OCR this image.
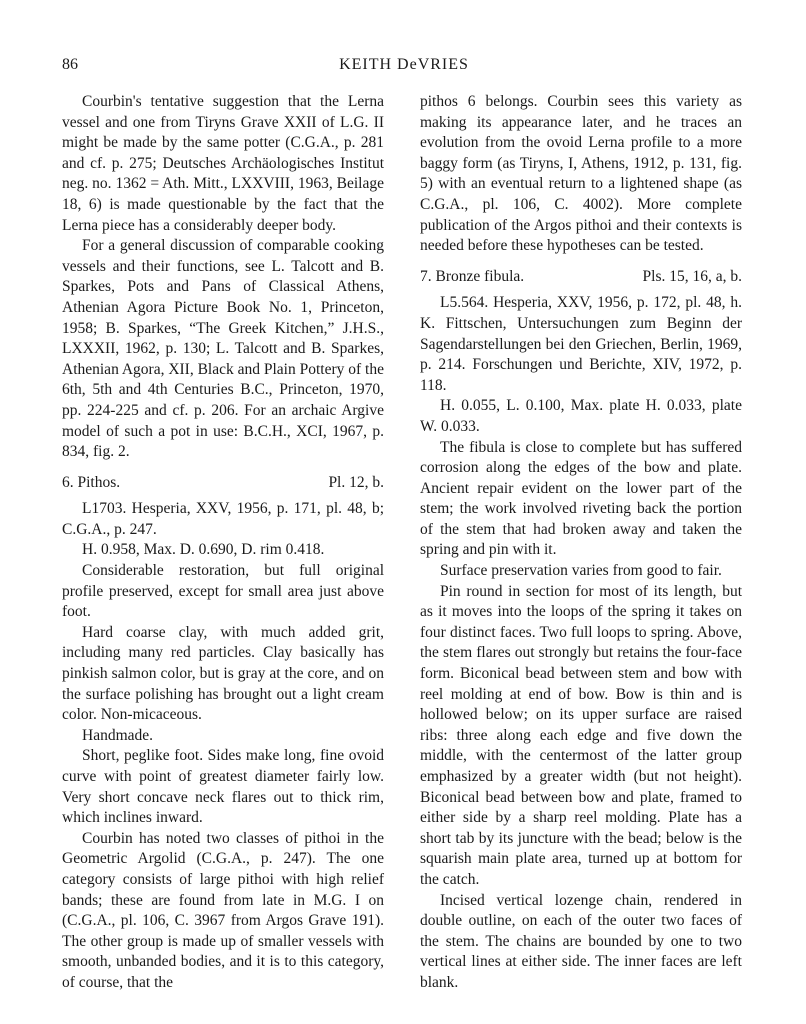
86	KEITH DeVRIES

Courbin's tentative suggestion that the Lerna vessel and one from Tiryns Grave XXII of L.G. II might be made by the same potter (C.G.A., p. 281 and cf. p. 275; Deutsches Archäologisches Institut neg. no. 1362 = Ath. Mitt., LXXVIII, 1963, Beilage 18, 6) is made questionable by the fact that the Lerna piece has a considerably deeper body.

For a general discussion of comparable cooking vessels and their functions, see L. Talcott and B. Sparkes, Pots and Pans of Classical Athens, Athenian Agora Picture Book No. 1, Princeton, 1958; B. Sparkes, “The Greek Kitchen,” J.H.S., LXXXII, 1962, p. 130; L. Talcott and B. Sparkes, Athenian Agora, XII, Black and Plain Pottery of the 6th, 5th and 4th Centuries B.C., Princeton, 1970, pp. 224-225 and cf. p. 206. For an archaic Argive model of such a pot in use: B.C.H., XCI, 1967, p. 834, fig. 2.

6. Pithos.	Pl. 12, b.

L1703. Hesperia, XXV, 1956, p. 171, pl. 48, b; C.G.A., p. 247.

H. 0.958, Max. D. 0.690, D. rim 0.418.

Considerable restoration, but full original profile preserved, except for small area just above foot.

Hard coarse clay, with much added grit, including many red particles. Clay basically has pinkish salmon color, but is gray at the core, and on the surface polishing has brought out a light cream color. Non-micaceous.

Handmade.

Short, peglike foot. Sides make long, fine ovoid curve with point of greatest diameter fairly low. Very short concave neck flares out to thick rim, which inclines inward.

Courbin has noted two classes of pithoi in the Geometric Argolid (C.G.A., p. 247). The one category consists of large pithoi with high relief bands; these are found from late in M.G. I on (C.G.A., pl. 106, C. 3967 from Argos Grave 191). The other group is made up of smaller vessels with smooth, unbanded bodies, and it is to this category, of course, that the

pithos 6 belongs. Courbin sees this variety as making its appearance later, and he traces an evolution from the ovoid Lerna profile to a more baggy form (as Tiryns, I, Athens, 1912, p. 131, fig. 5) with an eventual return to a lightened shape (as C.G.A., pl. 106, C. 4002). More complete publication of the Argos pithoi and their contexts is needed before these hypotheses can be tested.

7. Bronze fibula.	Pls. 15, 16, a, b.

L5.564. Hesperia, XXV, 1956, p. 172, pl. 48, h. K. Fittschen, Untersuchungen zum Beginn der Sagendarstellungen bei den Griechen, Berlin, 1969, p. 214. Forschungen und Berichte, XIV, 1972, p. 118.

H. 0.055, L. 0.100, Max. plate H. 0.033, plate W. 0.033.

The fibula is close to complete but has suffered corrosion along the edges of the bow and plate. Ancient repair evident on the lower part of the stem; the work involved riveting back the portion of the stem that had broken away and taken the spring and pin with it.

Surface preservation varies from good to fair.

Pin round in section for most of its length, but as it moves into the loops of the spring it takes on four distinct faces. Two full loops to spring. Above, the stem flares out strongly but retains the four-face form. Biconical bead between stem and bow with reel molding at end of bow. Bow is thin and is hollowed below; on its upper surface are raised ribs: three along each edge and five down the middle, with the centermost of the latter group emphasized by a greater width (but not height). Biconical bead between bow and plate, framed to either side by a sharp reel molding. Plate has a short tab by its juncture with the bead; below is the squarish main plate area, turned up at bottom for the catch.

Incised vertical lozenge chain, rendered in double outline, on each of the outer two faces of the stem. The chains are bounded by one to two vertical lines at either side. The inner faces are left blank.
